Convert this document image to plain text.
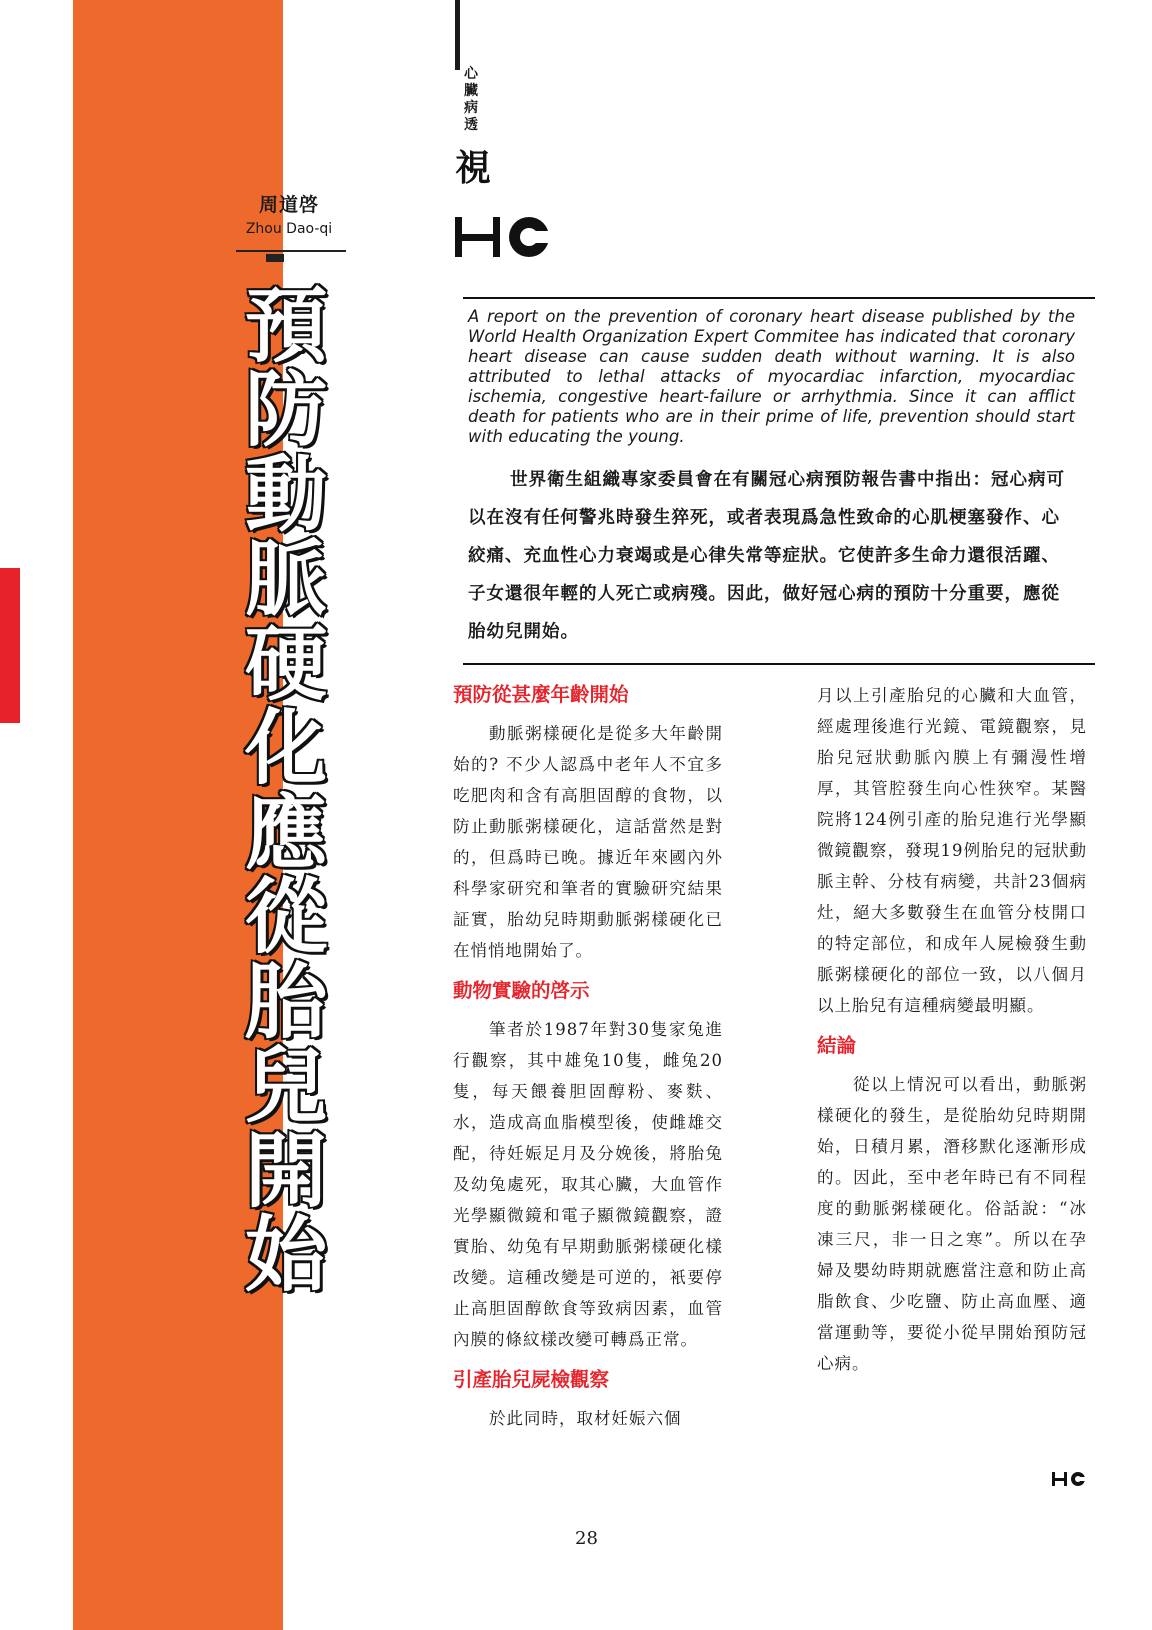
心
臟
病
透
視
周道啓
Zhou Dao-qi
預
防
動
脈
硬
化
應
從
胎
兒
開
始

A report on the prevention of coronary heart disease published by the World Health Organization Expert Commitee has indicated that coronary heart disease can cause sudden death without warning. It is also attributed to lethal attacks of myocardiac infarction, myocardiac ischemia, congestive heart-failure or arrhythmia. Since it can afflict death for patients who are in their prime of life, prevention should start with educating the young.

世界衛生組織專家委員會在有關冠心病預防報告書中指出：冠心病可以在沒有任何警兆時發生猝死，或者表現爲急性致命的心肌梗塞發作、心絞痛、充血性心力衰竭或是心律失常等症狀。它使許多生命力還很活躍、子女還很年輕的人死亡或病殘。因此，做好冠心病的預防十分重要，應從胎幼兒開始。

預防從甚麼年齡開始

動脈粥樣硬化是從多大年齡開始的? 不少人認爲中老年人不宜多吃肥肉和含有高胆固醇的食物，以防止動脈粥樣硬化，這話當然是對的，但爲時已晚。據近年來國內外科學家研究和筆者的實驗研究結果証實，胎幼兒時期動脈粥樣硬化已在悄悄地開始了。

動物實驗的啓示

筆者於1987年對30隻家兔進行觀察，其中雄兔10隻，雌兔20隻，每天餵養胆固醇粉、麥麩、水，造成高血脂模型後，使雌雄交配，待妊娠足月及分娩後，將胎兔及幼兔處死，取其心臟，大血管作光學顯微鏡和電子顯微鏡觀察，證實胎、幼兔有早期動脈粥樣硬化樣改變。這種改變是可逆的，衹要停止高胆固醇飲食等致病因素，血管內膜的條紋樣改變可轉爲正常。

引產胎兒屍檢觀察

於此同時，取材妊娠六個

月以上引產胎兒的心臟和大血管，經處理後進行光鏡、電鏡觀察，見胎兒冠狀動脈內膜上有彌漫性增厚，其管腔發生向心性狹窄。某醫院將124例引產的胎兒進行光學顯微鏡觀察，發現19例胎兒的冠狀動脈主幹、分枝有病變，共計23個病灶，絕大多數發生在血管分枝開口的特定部位，和成年人屍檢發生動脈粥樣硬化的部位一致，以八個月以上胎兒有這種病變最明顯。

結論

從以上情況可以看出，動脈粥樣硬化的發生，是從胎幼兒時期開始，日積月累，潛移默化逐漸形成的。因此，至中老年時已有不同程度的動脈粥樣硬化。俗話說：“冰凍三尺，非一日之寒”。所以在孕婦及嬰幼時期就應當注意和防止高脂飲食、少吃鹽、防止高血壓、適當運動等，要從小從早開始預防冠心病。

28
